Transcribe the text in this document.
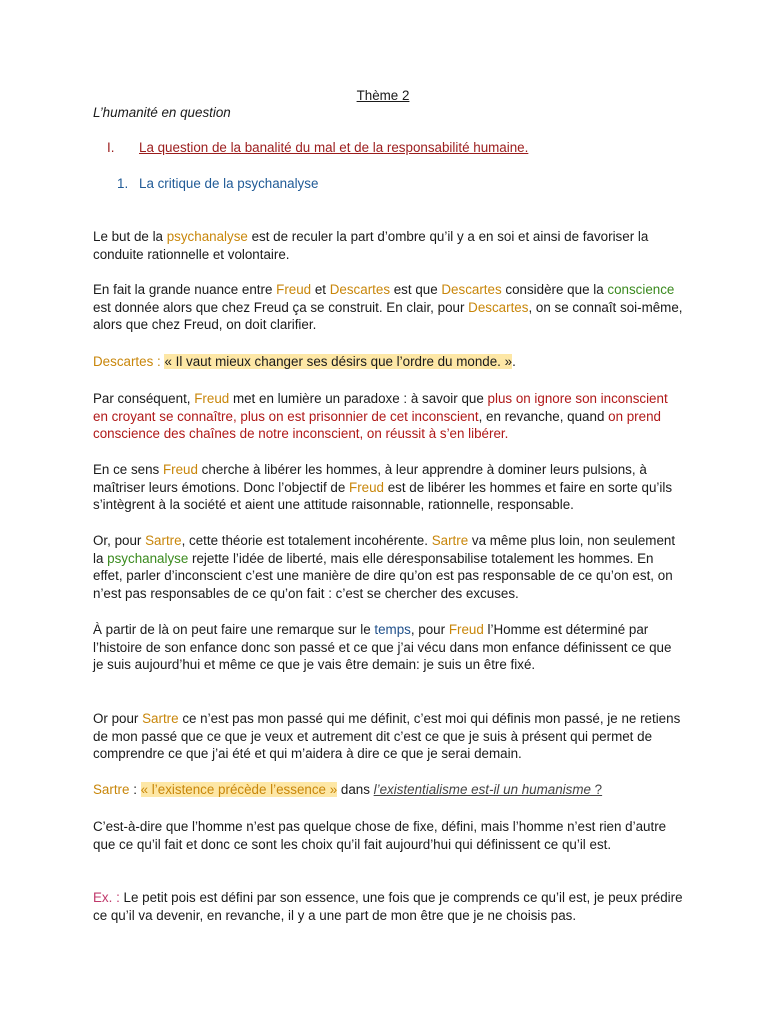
Thème 2
L’humanité en question
I. La question de la banalité du mal et de la responsabilité humaine.
1. La critique de la psychanalyse

Le but de la psychanalyse est de reculer la part d’ombre qu’il y a en soi et ainsi de favoriser la conduite rationnelle et volontaire.

En fait la grande nuance entre Freud et Descartes est que Descartes considère que la conscience est donnée alors que chez Freud ça se construit. En clair, pour Descartes, on se connaît soi-même, alors que chez Freud, on doit clarifier.

Descartes : « Il vaut mieux changer ses désirs que l’ordre du monde. ».

Par conséquent, Freud met en lumière un paradoxe : à savoir que plus on ignore son inconscient en croyant se connaître, plus on est prisonnier de cet inconscient, en revanche, quand on prend conscience des chaînes de notre inconscient, on réussit à s’en libérer.

En ce sens Freud cherche à libérer les hommes, à leur apprendre à dominer leurs pulsions, à maîtriser leurs émotions. Donc l’objectif de Freud est de libérer les hommes et faire en sorte qu’ils s’intègrent à la société et aient une attitude raisonnable, rationnelle, responsable.

Or, pour Sartre, cette théorie est totalement incohérente. Sartre va même plus loin, non seulement la psychanalyse rejette l’idée de liberté, mais elle déresponsabilise totalement les hommes. En effet, parler d’inconscient c’est une manière de dire qu’on est pas responsable de ce qu’on est, on n’est pas responsables de ce qu’on fait : c’est se chercher des excuses.

À partir de là on peut faire une remarque sur le temps, pour Freud l’Homme est déterminé par l’histoire de son enfance donc son passé et ce que j’ai vécu dans mon enfance définissent ce que je suis aujourd’hui et même ce que je vais être demain: je suis un être fixé.

Or pour Sartre ce n’est pas mon passé qui me définit, c’est moi qui définis mon passé, je ne retiens de mon passé que ce que je veux et autrement dit c’est ce que je suis à présent qui permet de comprendre ce que j’ai été et qui m’aidera à dire ce que je serai demain.

Sartre : « l’existence précède l’essence » dans l’existentialisme est-il un humanisme ?

C’est-à-dire que l’homme n’est pas quelque chose de fixe, défini, mais l’homme n’est rien d’autre que ce qu’il fait et donc ce sont les choix qu’il fait aujourd’hui qui définissent ce qu’il est.

Ex. : Le petit pois est défini par son essence, une fois que je comprends ce qu’il est, je peux prédire ce qu’il va devenir, en revanche, il y a une part de mon être que je ne choisis pas.
